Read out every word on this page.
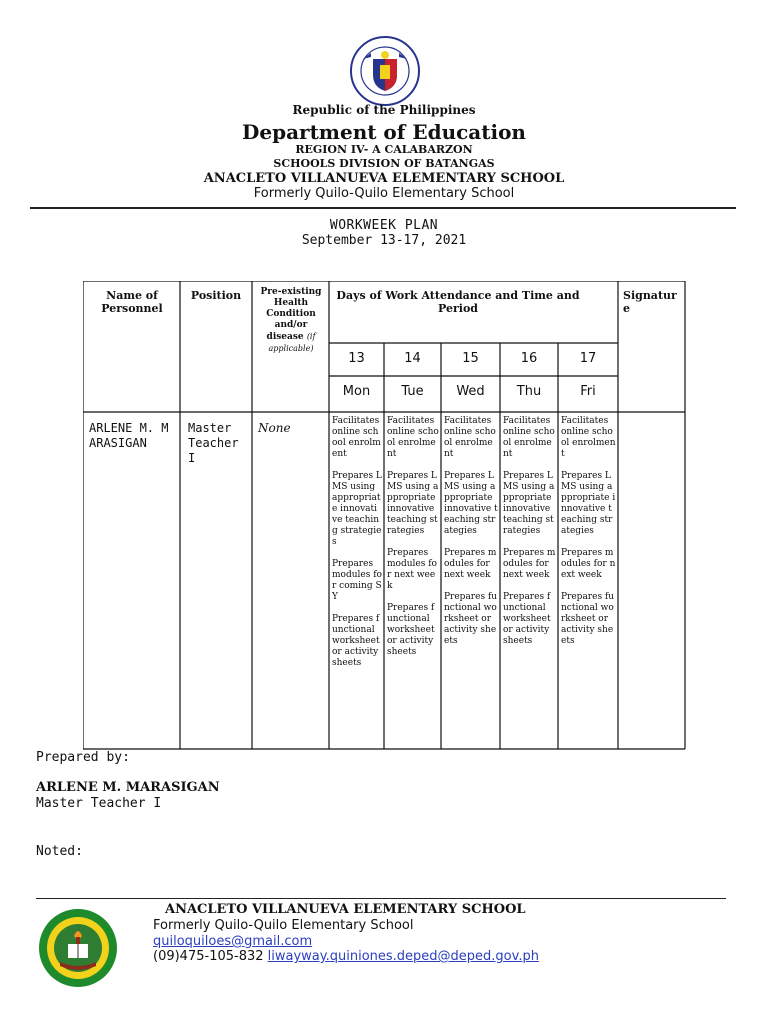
Republic of the Philippines
Department of Education
REGION IV- A CALABARZON
SCHOOLS DIVISION OF BATANGAS
ANACLETO VILLANUEVA ELEMENTARY SCHOOL
Formerly Quilo-Quilo Elementary School
WORKWEEK PLAN
September 13-17, 2021
Name of Personnel
Position	Pre-existing Health Condition and/or disease (if applicable)
Days of Work Attendance and Time and Period
Signature
13
Mon
14
Tue
15
Wed
16
Thu
17
Fri
ARLENE M. MARASIGAN
Master Teacher I
None	Facilitates online school enrolment
Prepares LMS using appropriate innovative teaching strategies
Prepares modules for coming SY
Prepares functional worksheet or activity sheets
Facilitates online school enrolment
Prepares LMS using appropriate innovative teaching strategies
Prepares modules for next week
Prepares functional worksheet or activity sheets
Facilitates online school enrolment
Prepares LMS using appropriate innovative teaching strategies
Prepares modules for next week
Prepares functional worksheet or activity sheets
Facilitates online school enrolment
Prepares LMS using appropriate innovative teaching strategies
Prepares modules for next week
Prepares functional worksheet or activity sheets
Facilitates online school enrolment
Prepares LMS using appropriate innovative teaching strategies
Prepares modules for next week
Prepares functional worksheet or activity sheets
Prepared by:
ARLENE M. MARASIGAN
Master Teacher I
Noted:
ANACLETO VILLANUEVA ELEMENTARY SCHOOL
Formerly Quilo-Quilo Elementary School
quiloquiloes@gmail.com
(09)475-105-832 liwayway.quiniones.deped@deped.gov.ph
